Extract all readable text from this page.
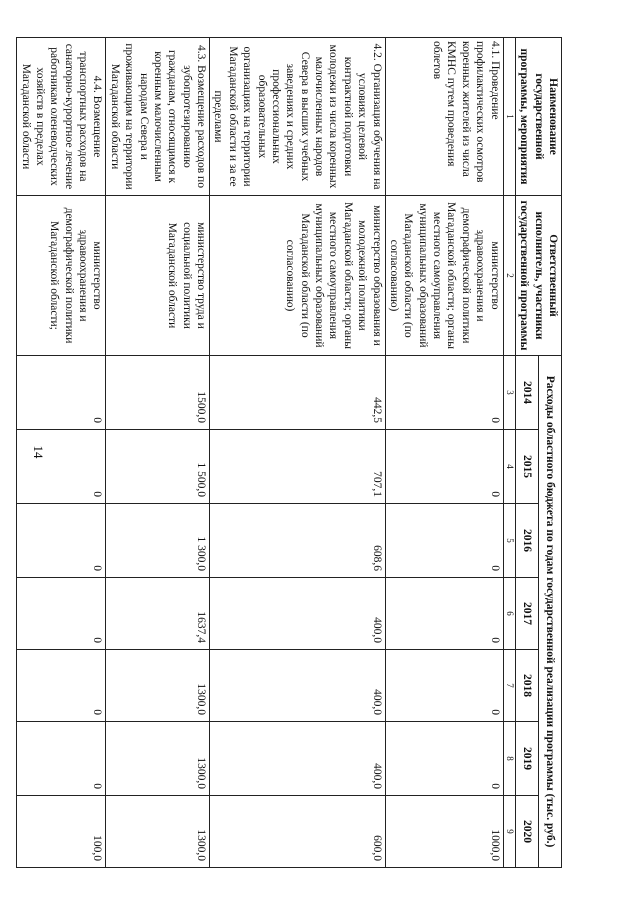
14
Наименование государственной программы, мероприятия	Ответственный исполнитель, участники государственной программы	Расходы областного бюджета по годам государственной реализации программы (тыс. руб.)						
		2014	2015	2016	2017	2018	2019	2020
1	2	3	4	5	6	7	8	9
4.1. Проведение профилактических осмотров коренных жителей из числа КМНС путем проведения облетов	министерство здравоохранения и демографической политики Магаданской области; органы местного самоуправления муниципальных образований Магаданской области (по согласованию)	0	0	0	0	0	0	1000,0
4.2. Организация обучения на условиях целевой контрактной подготовки молодежи из числа коренных малочисленных народов Севера в высших учебных заведениях и средних профессиональных образовательных организациях на территории Магаданской области и за ее пределами	министерство образования и молодежной политики Магаданской области; органы местного самоуправления муниципальных образований Магаданской области (по согласованию)	442,5	707,1	608,6	400,0	400,0	400,0	600,0
4.3. Возмещение расходов по зубопротезированию гражданам, относящимся к коренным малочисленным народам Севера и проживающим на территории Магаданской области	министерство труда и социальной политики Магаданской области	1500,0	1 500,0	1 300,0	1637,4	1300,0	1300,0	1300,0
4.4. Возмещение транспортных расходов на санаторно-курортное лечение работникам оленеводческих хозяйств в пределах Магаданской области	министерство здравоохранения и демографической политики Магаданской области;	0	0	0	0	0	0	100,0
